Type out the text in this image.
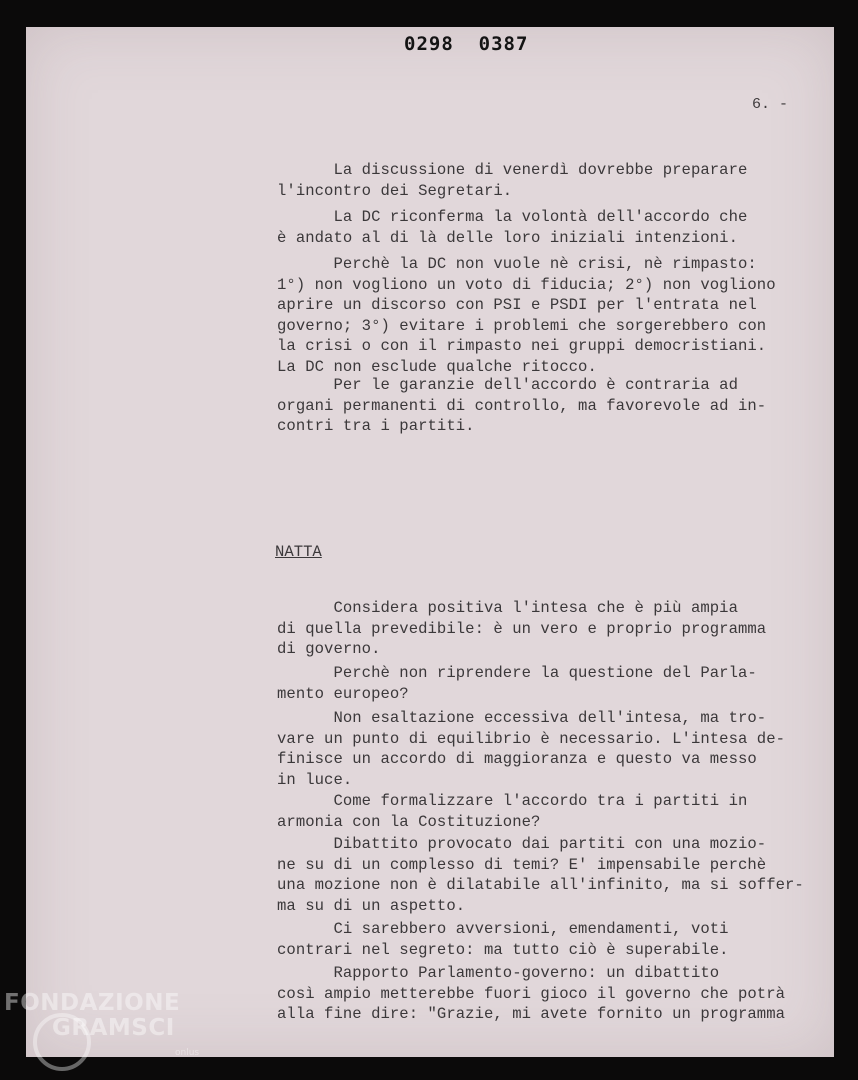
0298  0387
6. -
La discussione di venerdì dovrebbe preparare
l'incontro dei Segretari.
La DC riconferma la volontà dell'accordo che
è andato al di là delle loro iniziali intenzioni.
Perchè la DC non vuole nè crisi, nè rimpasto:
1°) non vogliono un voto di fiducia; 2°) non vogliono
aprire un discorso con PSI e PSDI per l'entrata nel
governo; 3°) evitare i problemi che sorgerebbero con
la crisi o con il rimpasto nei gruppi democristiani.
La DC non esclude qualche ritocco.
Per le garanzie dell'accordo è contraria ad
organi permanenti di controllo, ma favorevole ad in-
contri tra i partiti.
NATTA
Considera positiva l'intesa che è più ampia
di quella prevedibile: è un vero e proprio programma
di governo.
Perchè non riprendere la questione del Parla-
mento europeo?
Non esaltazione eccessiva dell'intesa, ma tro-
vare un punto di equilibrio è necessario. L'intesa de-
finisce un accordo di maggioranza e questo va messo
in luce.
Come formalizzare l'accordo tra i partiti in
armonia con la Costituzione?
Dibattito provocato dai partiti con una mozio-
ne su di un complesso di temi? E' impensabile perchè
una mozione non è dilatabile all'infinito, ma si soffer-
ma su di un aspetto.
Ci sarebbero avversioni, emendamenti, voti
contrari nel segreto: ma tutto ciò è superabile.
Rapporto Parlamento-governo: un dibattito
così ampio metterebbe fuori gioco il governo che potrà
alla fine dire: "Grazie, mi avete fornito un programma
FONDAZIONE
GRAMSCI
onlus
